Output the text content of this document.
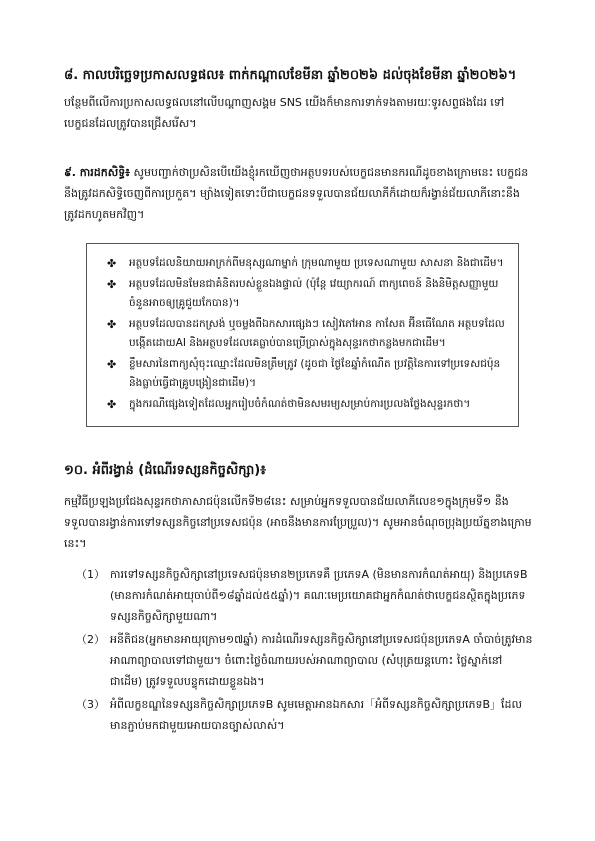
៨. កាលបរិច្ឆេទប្រកាសលទ្ធផល៖ ពាក់កណ្ដាលខែមីនា ឆ្នាំ២០២៦ ដល់ចុងខែមីនា ឆ្នាំ២០២៦។

បន្ថែមពីលើការប្រកាសលទ្ធផលនៅលើបណ្ដាញសង្គម SNS យើងក៏មានការទាក់ទងតាមរយៈទូរសព្ទផងដែរ ទៅបេក្ខជនដែលត្រូវបានជ្រើសរើស។

៩. ការដកសិទ្ធិ៖ សូមបញ្ជាក់ថាប្រសិនបើយើងខ្ញុំរកឃើញថាអត្ថបទរបស់បេក្ខជនមានករណីដូចខាងក្រោមនេះ បេក្ខជននឹងត្រូវដកសិទ្ធិចេញពីការប្រកួត។ ម្យ៉ាងទៀតទោះបីជាបេក្ខជនទទួលបានជ័យលាភីក៏ដោយក៏រង្វាន់ជ័យលាភីនោះនឹងត្រូវដកហូតមកវិញ។

✤ អត្ថបទដែលនិយាយអាក្រក់ពីមនុស្សណាម្នាក់ ក្រុមណាមួយ ប្រទេសណាមួយ សាសនា និងជាដើម។
✤ អត្ថបទដែលមិនមែនជាគំនិតរបស់ខ្លួនឯងផ្ទាល់ (ប៉ុន្តែ វេយ្យាករណ៍ ពាក្យពេចន៍ និងនិមិត្តសញ្ញាមួយចំនួនអាចឲ្យគ្រូជួយកែបាន)។
✤ អត្ថបទដែលបានដកស្រង់ ឬចម្លងពីឯកសារផ្សេងៗ សៀវភៅអាន កាសែត អ៊ីនធើណែត អត្ថបទដែលបង្កើតដោយAI និងអត្ថបទដែលគេធ្លាប់បានប្រើប្រាស់ក្នុងសុន្ទរកថាកន្លងមកជាដើម។
✤ ខ្លឹមសារនៃពាក្យសុំចុះឈ្មោះដែលមិនត្រឹមត្រូវ (ដូចជា ថ្ងៃខែឆ្នាំកំណើត ប្រវត្តិនៃការទៅប្រទេសជប៉ុន និងធ្លាប់ធ្វើជាគ្រូបង្រៀនជាដើម)។
✤ ក្នុងករណីផ្សេងទៀតដែលអ្នករៀបចំកំណត់ថាមិនសមរម្យសម្រាប់ការប្រលងថ្លែងសុន្ទរកថា។
១០. អំពីរង្វាន់ (ដំណើរទស្សនកិច្ចសិក្សា)៖

កម្មវិធីប្រឡងប្រជែងសុន្ទរកថាភាសាជប៉ុនលើកទី២៨នេះ សម្រាប់អ្នកទទួលបានជ័យលាភីលេខ១ក្នុងក្រុមទី១ នឹងទទួលបានរង្វាន់ការទៅទស្សនកិច្ចនៅប្រទេសជប៉ុន (អាចនឹងមានការប្រែប្រួល)។ សូមអានចំណុចប្រុងប្រយ័ត្នខាងក្រោមនេះ។

（1） ការទៅទស្សនកិច្ចសិក្សានៅប្រទេសជប៉ុនមាន២ប្រភេទគឺ ប្រភេទA (មិនមានការកំណត់អាយុ) និងប្រភេទB (មានការកំណត់អាយុចាប់ពី១៨ឆ្នាំដល់៥៥ឆ្នាំ)។ គណៈមេប្រយោគជាអ្នកកំណត់ថាបេក្ខជនស្ថិតក្នុងប្រភេទទស្សនកិច្ចសិក្សាមួយណា។
（2） អនីតិជន(អ្នកមានអាយុក្រោម១៧ឆ្នាំ) ការដំណើរទស្សនកិច្ចសិក្សានៅប្រទេសជប៉ុនប្រភេទA ចាំបាច់ត្រូវមានអាណាព្យាបាលទៅជាមួយ។ ចំពោះថ្លៃចំណាយរបស់អាណាព្យាបាល (សំបុត្រយន្តហោះ ថ្លៃស្នាក់នៅជាដើម) ត្រូវទទួលបន្ទុកដោយខ្លួនឯង។
（3） អំពីលក្ខខណ្ឌនៃទស្សនកិច្ចសិក្សាប្រភេទB សូមមេត្តាអានឯកសារ「អំពីទស្សនកិច្ចសិក្សាប្រភេទB」ដែលមានភ្ជាប់មកជាមួយអោយបានច្បាស់លាស់។
